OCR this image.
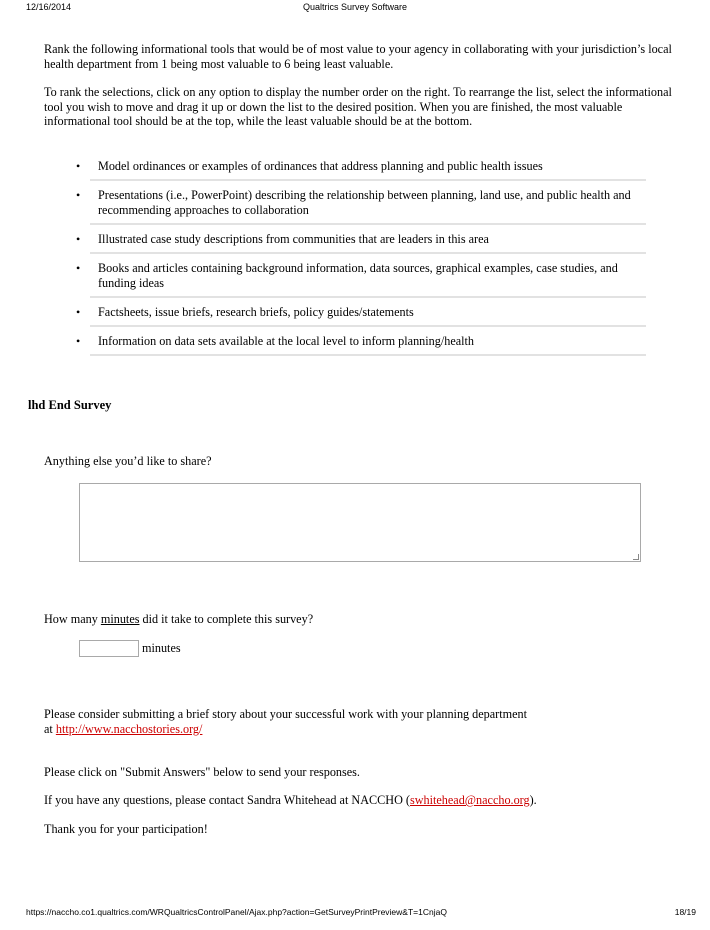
12/16/2014	Qualtrics Survey Software

Rank the following informational tools that would be of most value to your agency in collaborating with your jurisdiction’s local health department from 1 being most valuable to 6 being least valuable.

To rank the selections, click on any option to display the number order on the right. To rearrange the list, select the informational tool you wish to move and drag it up or down the list to the desired position. When you are finished, the most valuable informational tool should be at the top, while the least valuable should be at the bottom.

• Model ordinances or examples of ordinances that address planning and public health issues
• Presentations (i.e., PowerPoint) describing the relationship between planning, land use, and public health and recommending approaches to collaboration
• Illustrated case study descriptions from communities that are leaders in this area
• Books and articles containing background information, data sources, graphical examples, case studies, and funding ideas
• Factsheets, issue briefs, research briefs, policy guides/statements
• Information on data sets available at the local level to inform planning/health
lhd End Survey
Anything else you’d like to share?
How many minutes did it take to complete this survey?
minutes
Please consider submitting a brief story about your successful work with your planning department
at http://www.nacchostories.org/
Please click on "Submit Answers" below to send your responses.
If you have any questions, please contact Sandra Whitehead at NACCHO (swhitehead@naccho.org).
Thank you for your participation!
https://naccho.co1.qualtrics.com/WRQualtricsControlPanel/Ajax.php?action=GetSurveyPrintPreview&T=1CnjaQ	18/19
